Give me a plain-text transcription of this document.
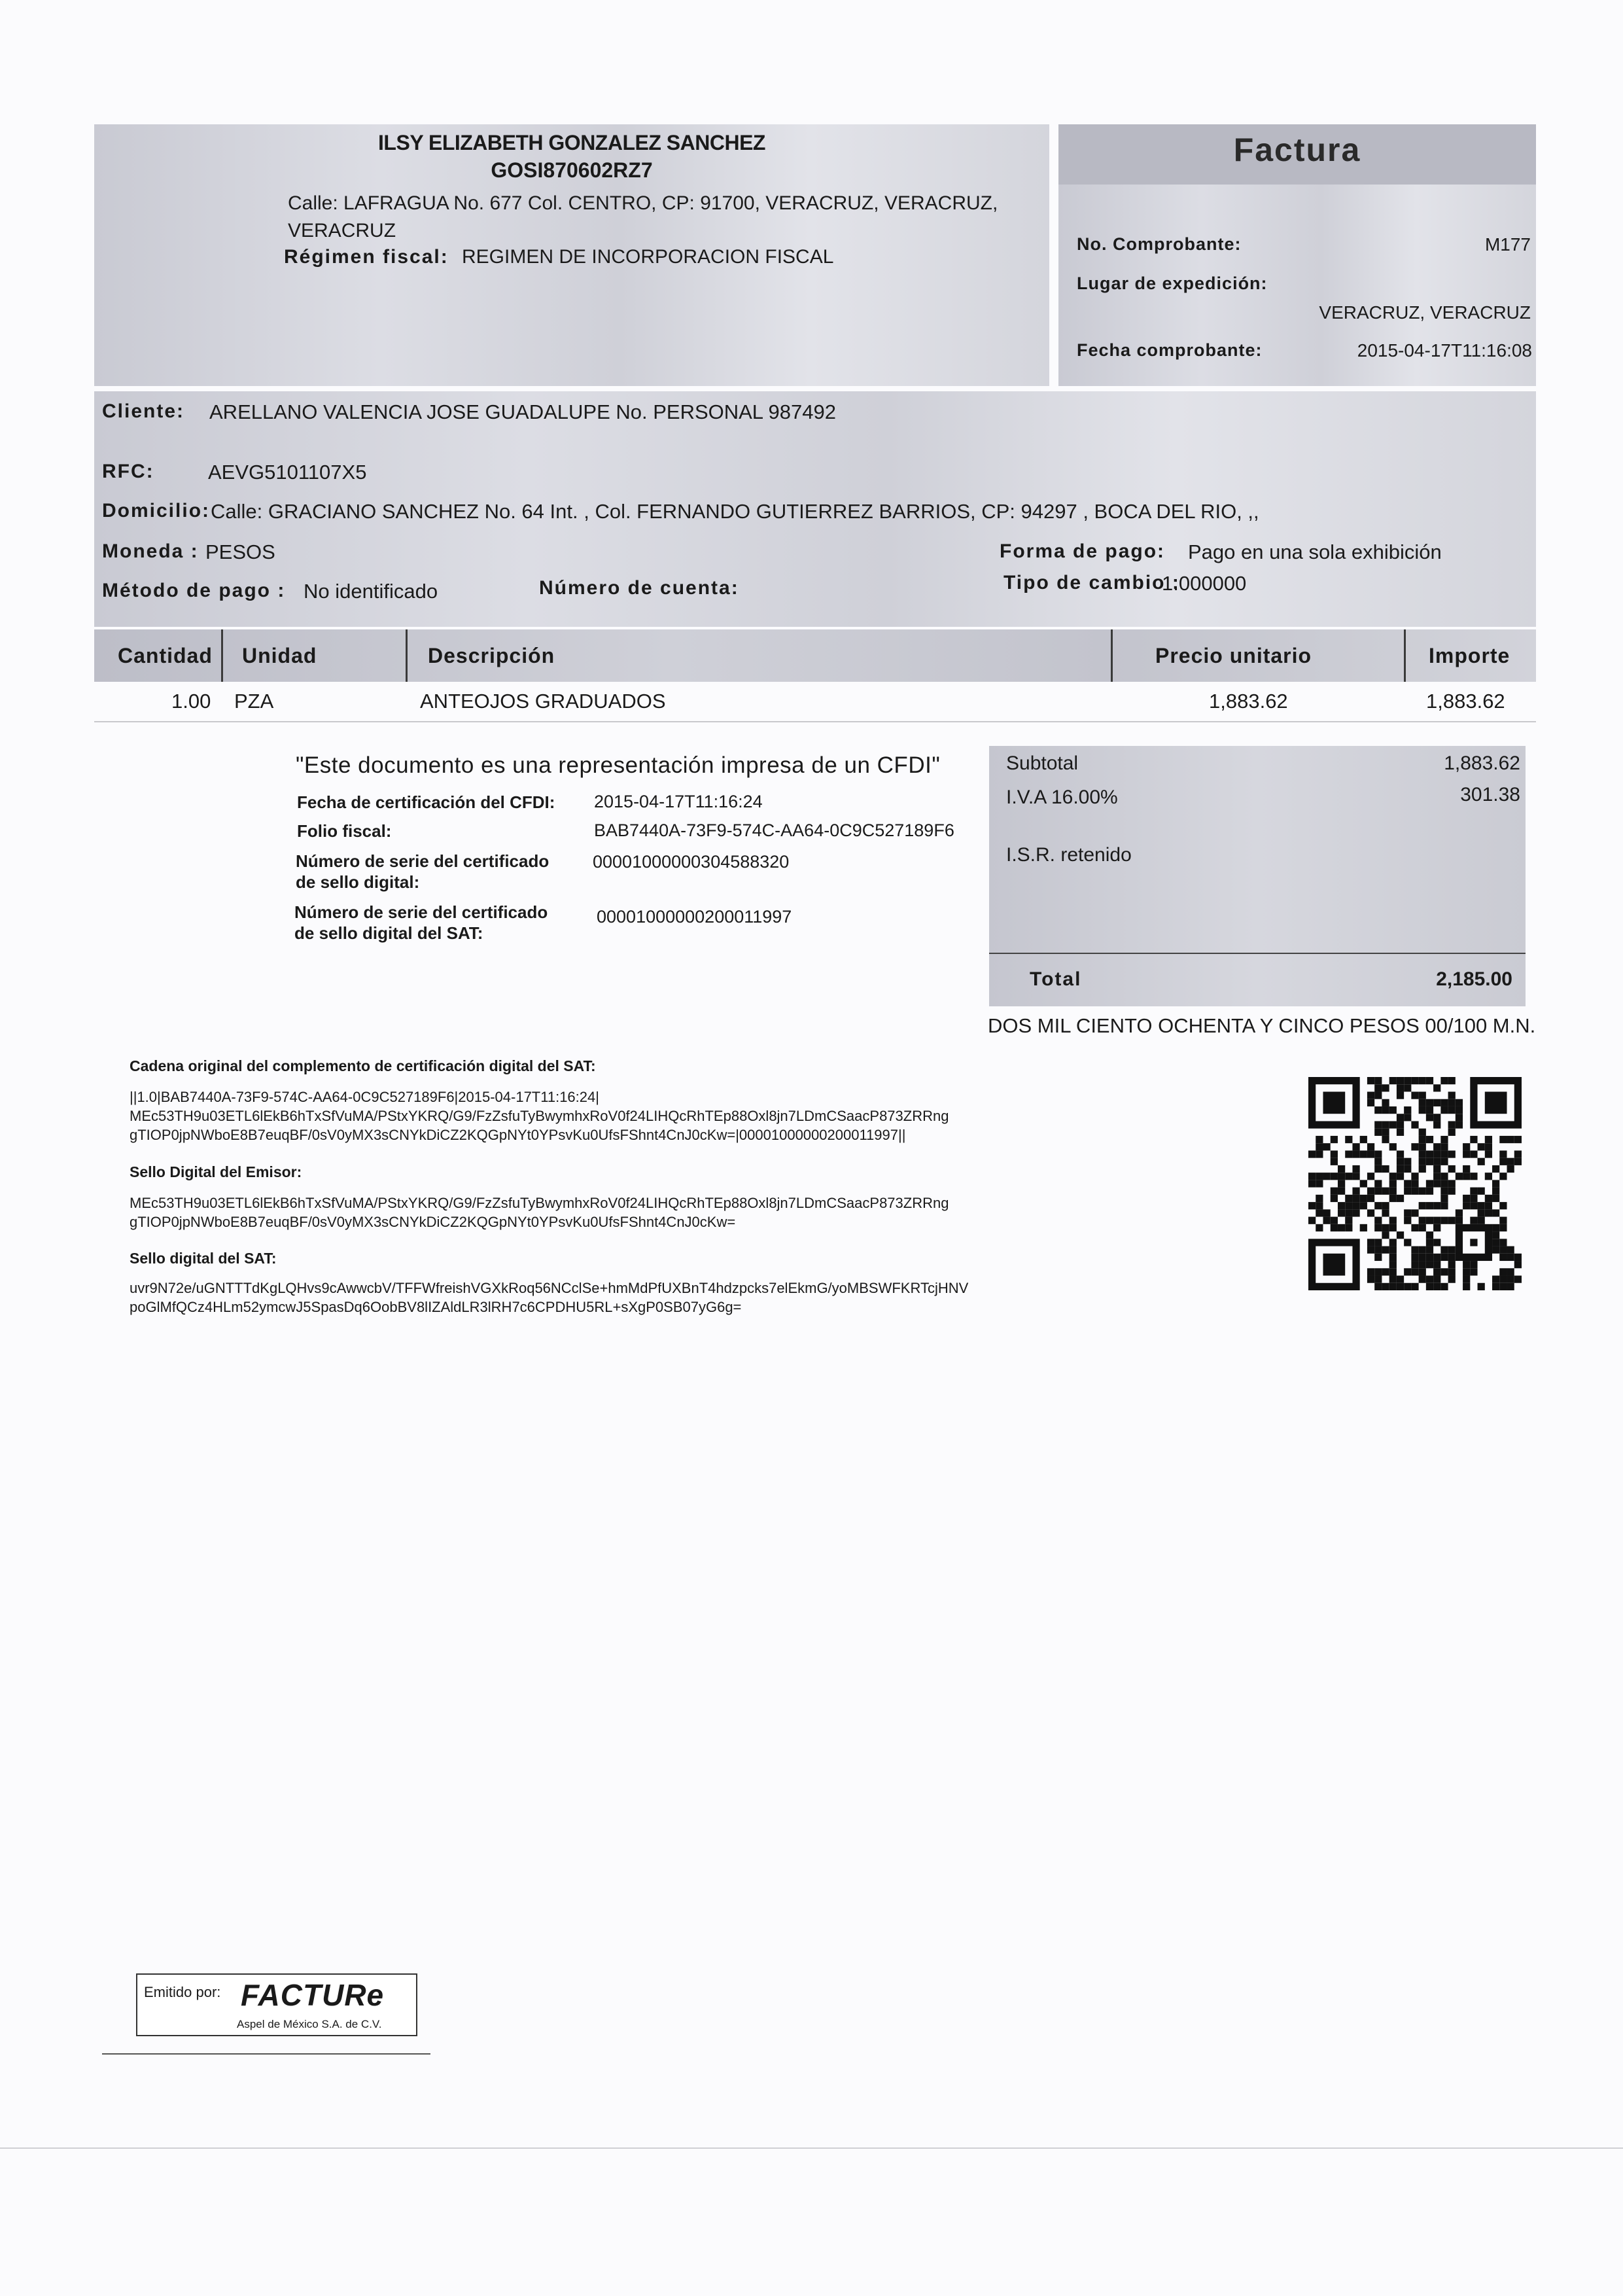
ILSY ELIZABETH GONZALEZ SANCHEZ
GOSI870602RZ7
Calle: LAFRAGUA No. 677 Col. CENTRO, CP: 91700, VERACRUZ, VERACRUZ,
VERACRUZ
Régimen fiscal: REGIMEN DE INCORPORACION FISCAL
Factura
No. Comprobante:	M177
Lugar de expedición:
VERACRUZ, VERACRUZ
Fecha comprobante:	2015-04-17T11:16:08
Cliente: ARELLANO VALENCIA JOSE GUADALUPE No. PERSONAL 987492
RFC:	AEVG5101107X5
Domicilio: Calle: GRACIANO SANCHEZ No. 64 Int. , Col. FERNANDO GUTIERREZ BARRIOS, CP: 94297 , BOCA DEL RIO, ,,
Moneda : PESOS
Método de pago : No identificado	Número de cuenta:
Forma de pago: Pago en una sola exhibición
Tipo de cambio :
1.000000
Cantidad Unidad	Descripción	Precio unitario	Importe
1.00 PZA	ANTEOJOS GRADUADOS	1,883.62	1,883.62
"Este documento es una representación impresa de un CFDI"
Fecha de certificación del CFDI: 2015-04-17T11:16:24
Folio fiscal:	BAB7440A-73F9-574C-AA64-0C9C527189F6
Número de serie del certificado
de sello digital:
00001000000304588320
Número de serie del certificado
de sello digital del SAT:
00001000000200011997
Subtotal	1,883.62
I.V.A 16.00%	301.38
I.S.R. retenido
Total	2,185.00
DOS MIL CIENTO OCHENTA Y CINCO PESOS 00/100 M.N.
Cadena original del complemento de certificación digital del SAT:
||1.0|BAB7440A-73F9-574C-AA64-0C9C527189F6|2015-04-17T11:16:24|
MEc53TH9u03ETL6lEkB6hTxSfVuMA/PStxYKRQ/G9/FzZsfuTyBwymhxRoV0f24LIHQcRhTEp88Oxl8jn7LDmCSaacP873ZRRng
gTIOP0jpNWboE8B7euqBF/0sV0yMX3sCNYkDiCZ2KQGpNYt0YPsvKu0UfsFShnt4CnJ0cKw=|00001000000200011997||
Sello Digital del Emisor:
MEc53TH9u03ETL6lEkB6hTxSfVuMA/PStxYKRQ/G9/FzZsfuTyBwymhxRoV0f24LIHQcRhTEp88Oxl8jn7LDmCSaacP873ZRRng
gTIOP0jpNWboE8B7euqBF/0sV0yMX3sCNYkDiCZ2KQGpNYt0YPsvKu0UfsFShnt4CnJ0cKw=
Sello digital del SAT:
uvr9N72e/uGNTTTdKgLQHvs9cAwwcbV/TFFWfreishVGXkRoq56NCclSe+hmMdPfUXBnT4hdzpcks7elEkmG/yoMBSWFKRTcjHNV
poGlMfQCz4HLm52ymcwJ5SpasDq6OobBV8lIZAldLR3lRH7c6CPDHU5RL+sXgP0SB07yG6g=
Emitido por: FACTURe
Aspel de México S.A. de C.V.
